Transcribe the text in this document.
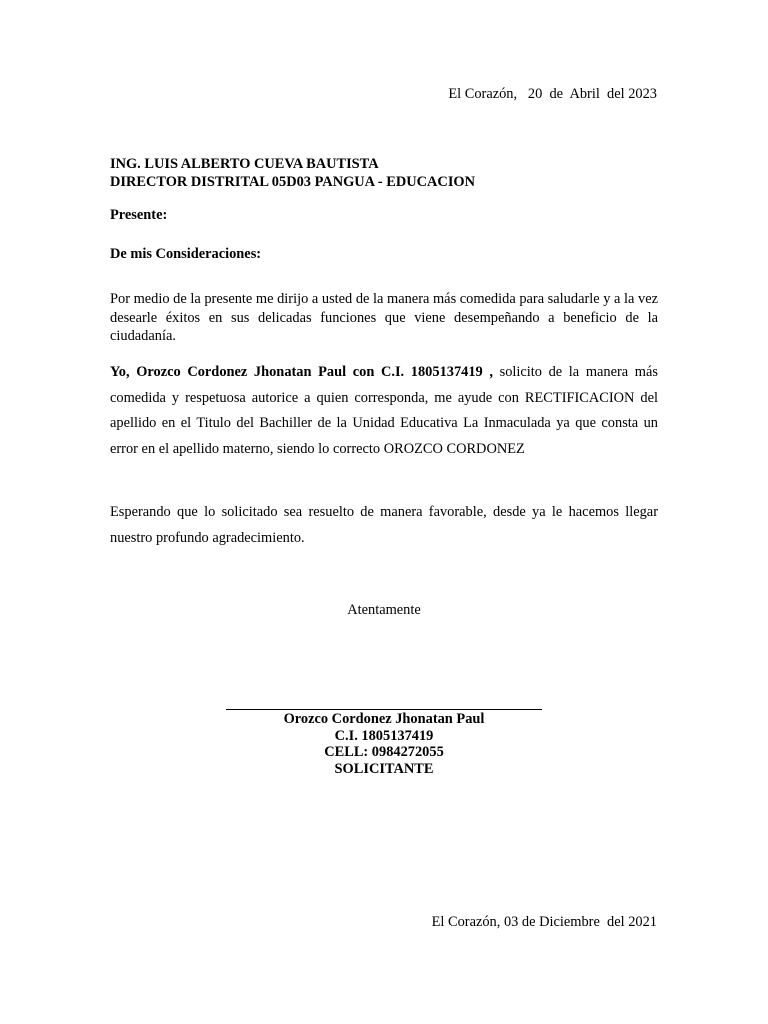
El Corazón,   20  de  Abril  del 2023
ING. LUIS ALBERTO CUEVA BAUTISTA
DIRECTOR DISTRITAL 05D03 PANGUA - EDUCACION
Presente:
De mis Consideraciones:
Por medio de la presente me dirijo a usted de la manera más comedida para saludarle y a la vez desearle éxitos en sus delicadas funciones que viene desempeñando a beneficio de la ciudadanía.
Yo, Orozco Cordonez Jhonatan Paul con C.I. 1805137419 , solicito de la manera más comedida y respetuosa autorice a quien corresponda, me ayude con RECTIFICACION del apellido en el Titulo del Bachiller de la Unidad Educativa La Inmaculada ya que consta un error en el apellido materno, siendo lo correcto OROZCO CORDONEZ
Esperando que lo solicitado sea resuelto de manera favorable, desde ya le hacemos llegar nuestro profundo agradecimiento.
Atentamente
Orozco Cordonez Jhonatan Paul
C.I. 1805137419
CELL: 0984272055
SOLICITANTE
El Corazón, 03 de Diciembre  del 2021
